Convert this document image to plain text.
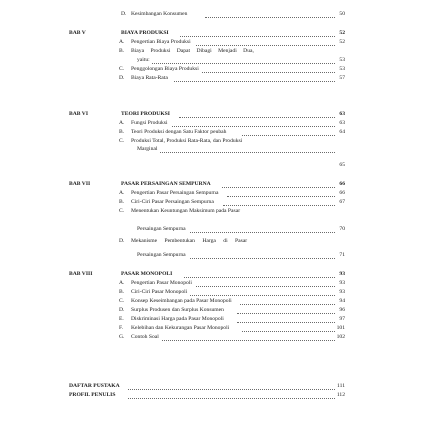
D. Kesimbangan Konsumen	50
BAB V	BIAYA PRODUKSI	52
A. Pengertian Biaya Produksi	52
B. Biaya Produksi Dapat Dibagi Menjadi Dua,
yaitu:	53
C. Penggolongan Biaya Produksi	53
D. Biaya Rata-Rata	57
BAB VI	TEORI PRODUKSI	63
A. Fungsi Produksi	63
B. Teori Produksi dengan Satu Faktor peubah	64
C. Produksi Total, Produksi Rata-Rata, dan Produksi
Marginal
65
BAB VII	PASAR PERSAINGAN SEMPURNA	66
A. Pengertian Pasar Persaingan Sempurna	66
B. Ciri-Ciri Pasar Persaingan Sempurna	67
C. Menentukan Keuntungan Maksimum pada Pasar
Persaingan Sempurna	70
D. Mekanisme Pembentukan Harga di Pasar
Persaingan Sempurna	71
BAB VIII	PASAR MONOPOLI	93
A. Pengertian Pasar Monopoli	93
B. Ciri-Ciri Pasar Monopoli	93
C. Konsep Keseimbangan pada Pasar Monopoli	94
D. Surplus Produsen dan Surplus Konsumen	96
E. Diskriminasi Harga pada Pasar Monopoli	97
F. Kelebihan dan Kekurangan Pasar Monopoli	101
G. Contoh Soal	102
DAFTAR PUSTAKA	111
PROFIL PENULIS	112
